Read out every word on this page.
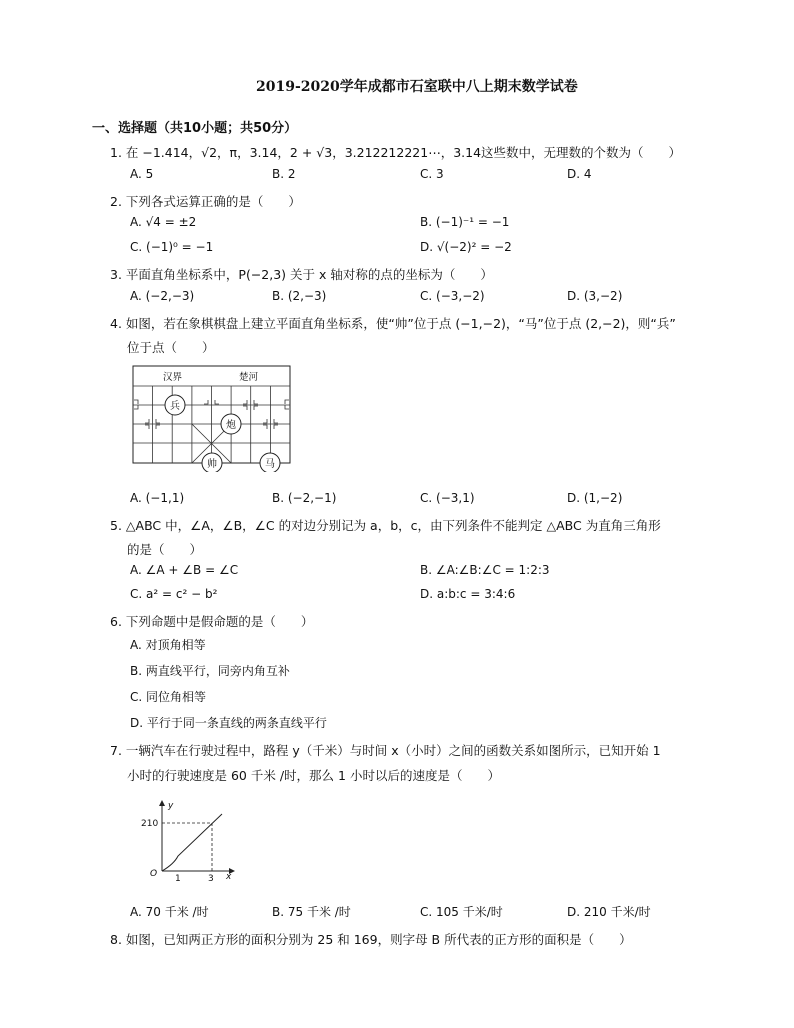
2019-2020学年成都市石室联中八上期末数学试卷
一、选择题（共10小题；共50分）
1. 在 −1.414，√2，π，3.14，2 + √3，3.212212221⋯，3.14这些数中，无理数的个数为（　　）
A. 5	B. 2	C. 3	D. 4
2. 下列各式运算正确的是（　　）
A. √4 = ±2	B. (−1)⁻¹ = −1
C. (−1)⁰ = −1	D. √(−2)² = −2
3. 平面直角坐标系中，P(−2,3) 关于 x 轴对称的点的坐标为（　　）
A. (−2,−3)	B. (2,−3)	C. (−3,−2)	D. (3,−2)
4. 如图，若在象棋棋盘上建立平面直角坐标系，使“帅”位于点 (−1,−2)，“马”位于点 (2,−2)，则“兵”
位于点（　　）
汉界	楚河
兵
炮
帅	马
A. (−1,1)	B. (−2,−1)	C. (−3,1)	D. (1,−2)
5. △ABC 中，∠A，∠B，∠C 的对边分别记为 a，b，c，由下列条件不能判定 △ABC 为直角三角形
的是（　　）
A. ∠A + ∠B = ∠C	B. ∠A:∠B:∠C = 1:2:3
C. a² = c² − b²	D. a:b:c = 3:4:6
6. 下列命题中是假命题的是（　　）
A. 对顶角相等
B. 两直线平行，同旁内角互补
C. 同位角相等
D. 平行于同一条直线的两条直线平行
7. 一辆汽车在行驶过程中，路程 y（千米）与时间 x（小时）之间的函数关系如图所示，已知开始 1
小时的行驶速度是 60 千米 /时，那么 1 小时以后的速度是（　　）
y
x
O
210
1	3
A. 70 千米 /时	B. 75 千米 /时	C. 105 千米/时	D. 210 千米/时
8. 如图，已知两正方形的面积分别为 25 和 169，则字母 B 所代表的正方形的面积是（　　）
